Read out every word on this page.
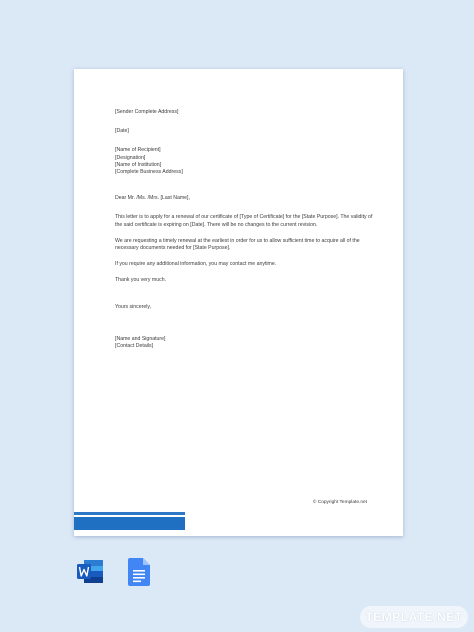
[Sender Complete Address]

[Date]

[Name of Recipient]

[Designation]

[Name of Institution]

[Complete Business Address]

Dear Mr. /Ms. /Mrs. [Last Name],

This letter is to apply for a renewal of our certificate of [Type of Certificate] for the [State Purpose]. The validity of the said certificate is expiring on [Date]. There will be no changes to the current revision.

We are requesting a timely renewal at the earliest in order for us to allow sufficient time to acquire all of the necessary documents needed for [State Purpose].

If you require any additional information, you may contact me anytime.

Thank you very much.

Yours sincerely,

[Name and Signature]

[Contact Details]

© Copyright Template.net
TEMPLATE.NET
